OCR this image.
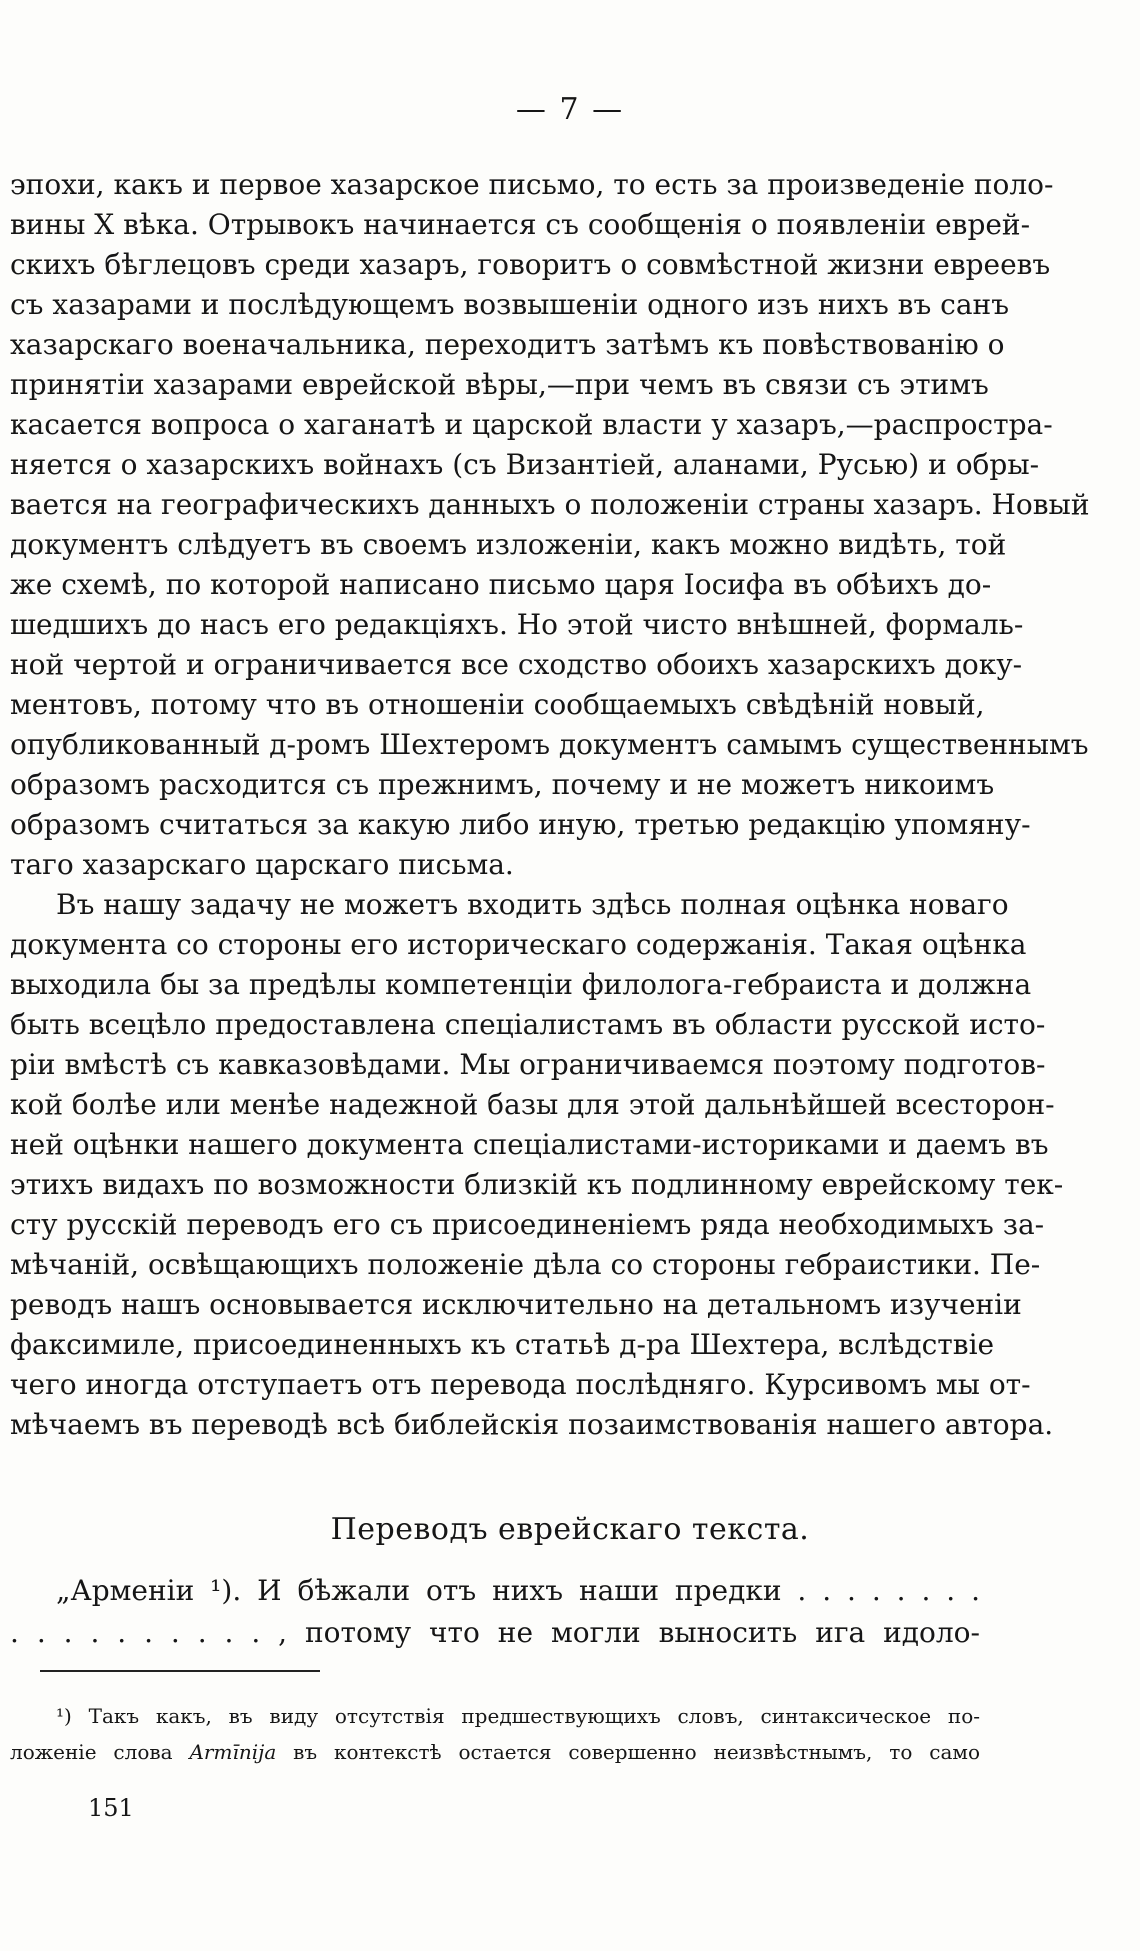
— 7 —
эпохи, какъ и первое хазарское письмо, то есть за произведенiе поло-
вины X вѣка. Отрывокъ начинается съ сообщенiя о появленiи еврей-
скихъ бѣглецовъ среди хазаръ, говоритъ о совмѣстной жизни евреевъ
съ хазарами и послѣдующемъ возвышенiи одного изъ нихъ въ санъ
хазарскаго военачальника, переходитъ затѣмъ къ повѣствованiю о
принятiи хазарами еврейской вѣры,—при чемъ въ связи съ этимъ
касается вопроса о хаганатѣ и царской власти у хазаръ,—распростра-
няется о хазарскихъ войнахъ (съ Византiей, аланами, Русью) и обры-
вается на географическихъ данныхъ о положенiи страны хазаръ. Новый
документъ слѣдуетъ въ своемъ изложенiи, какъ можно видѣть, той
же схемѣ, по которой написано письмо царя Iосифа въ обѣихъ до-
шедшихъ до насъ его редакцiяхъ. Но этой чисто внѣшней, формаль-
ной чертой и ограничивается все сходство обоихъ хазарскихъ доку-
ментовъ, потому что въ отношенiи сообщаемыхъ свѣдѣнiй новый,
опубликованный д-ромъ Шехтеромъ документъ самымъ существеннымъ
образомъ расходится съ прежнимъ, почему и не можетъ никоимъ
образомъ считаться за какую либо иную, третью редакцiю упомяну-
таго хазарскаго царскаго письма.
Въ нашу задачу не можетъ входить здѣсь полная оцѣнка новаго
документа со стороны его историческаго содержанiя. Такая оцѣнка
выходила бы за предѣлы компетенцiи филолога-гебраиста и должна
быть всецѣло предоставлена спецiалистамъ въ области русской исто-
рiи вмѣстѣ съ кавказовѣдами. Мы ограничиваемся поэтому подготов-
кой болѣе или менѣе надежной базы для этой дальнѣйшей всесторон-
ней оцѣнки нашего документа спецiалистами-историками и даемъ въ
этихъ видахъ по возможности близкiй къ подлинному еврейскому тек-
сту русскiй переводъ его съ присоединенiемъ ряда необходимыхъ за-
мѣчанiй, освѣщающихъ положенiе дѣла со стороны гебраистики. Пе-
реводъ нашъ основывается исключительно на детальномъ изученiи
факсимиле, присоединенныхъ къ статьѣ д-ра Шехтера, вслѣдствiе
чего иногда отступаетъ отъ перевода послѣдняго. Курсивомъ мы от-
мѣчаемъ въ переводѣ всѣ библейскiя позаимствованiя нашего автора.
Переводъ еврейскаго текста.
„Арменiи ¹). И бѣжали отъ нихъ наши предки . . . . . . . .
. . . . . . . . . . , потому что не могли выносить ига идоло-
¹) Такъ какъ, въ виду отсутствiя предшествующихъ словъ, синтаксическое по-
ложенiе слова Armīnija въ контекстѣ остается совершенно неизвѣстнымъ, то само
151
